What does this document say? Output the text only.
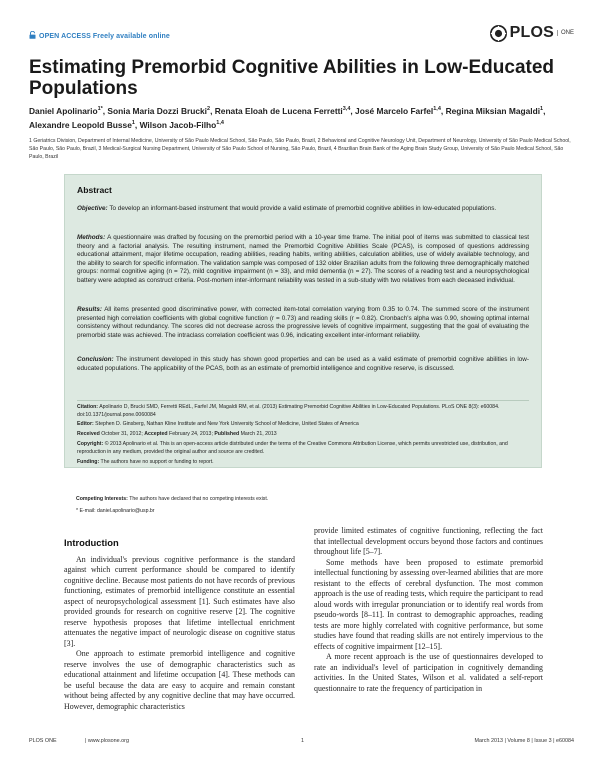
OPEN ACCESS Freely available online	PLOS	ONE
Estimating Premorbid Cognitive Abilities in Low-Educated Populations
Daniel Apolinario$^{1*}$, Sonia Maria Dozzi Brucki$^2$, Renata Eloah de Lucena Ferretti$^{3,4}$, José Marcelo Farfel$^{1,4}$, Regina Miksian Magaldi$^1$, Alexandre Leopold Busse$^1$, Wilson Jacob-Filho$^{1,4}$
1 Geriatrics Division, Department of Internal Medicine, University of São Paulo Medical School, São Paulo, São Paulo, Brazil, 2 Behavioral and Cognitive Neurology Unit, Department of Neurology, University of São Paulo Medical School, São Paulo, São Paulo, Brazil, 3 Medical-Surgical Nursing Department, University of São Paulo School of Nursing, São Paulo, Brazil, 4 Brazilian Brain Bank of the Aging Brain Study Group, University of São Paulo Medical School, São Paulo, Brazil
Abstract
Objective: To develop an informant-based instrument that would provide a valid estimate of premorbid cognitive abilities in low-educated populations.
Methods: A questionnaire was drafted by focusing on the premorbid period with a 10-year time frame. The initial pool of items was submitted to classical test theory and a factorial analysis. The resulting instrument, named the Premorbid Cognitive Abilities Scale (PCAS), is composed of questions addressing educational attainment, major lifetime occupation, reading abilities, reading habits, writing abilities, calculation abilities, use of widely available technology, and the ability to search for specific information. The validation sample was composed of 132 older Brazilian adults from the following three demographically matched groups: normal cognitive aging (n = 72), mild cognitive impairment (n = 33), and mild dementia (n = 27). The scores of a reading test and a neuropsychological battery were adopted as construct criteria. Post-mortem inter-informant reliability was tested in a sub-study with two relatives from each deceased individual.
Results: All items presented good discriminative power, with corrected item-total correlation varying from 0.35 to 0.74. The summed score of the instrument presented high correlation coefficients with global cognitive function (r = 0.73) and reading skills (r = 0.82). Cronbach's alpha was 0.90, showing optimal internal consistency without redundancy. The scores did not decrease across the progressive levels of cognitive impairment, suggesting that the goal of evaluating the premorbid state was achieved. The intraclass correlation coefficient was 0.96, indicating excellent inter-informant reliability.
Conclusion: The instrument developed in this study has shown good properties and can be used as a valid estimate of premorbid cognitive abilities in low-educated populations. The applicability of the PCAS, both as an estimate of premorbid intelligence and cognitive reserve, is discussed.
Citation: Apolinario D, Brucki SMD, Ferretti REdL, Farfel JM, Magaldi RM, et al. (2013) Estimating Premorbid Cognitive Abilities in Low-Educated Populations. PLoS ONE 8(3): e60084. doi:10.1371/journal.pone.0060084
Editor: Stephen D. Ginsberg, Nathan Kline Institute and New York University School of Medicine, United States of America
Received October 31, 2012; Accepted February 24, 2013; Published March 21, 2013
Copyright: © 2013 Apolinario et al. This is an open-access article distributed under the terms of the Creative Commons Attribution License, which permits unrestricted use, distribution, and reproduction in any medium, provided the original author and source are credited.
Funding: The authors have no support or funding to report.
Competing Interests: The authors have declared that no competing interests exist.
* E-mail: daniel.apolinario@usp.br
Introduction

An individual's previous cognitive performance is the standard against which current performance should be compared to identify cognitive decline. Because most patients do not have records of previous functioning, estimates of premorbid intelligence constitute an essential aspect of neuropsychological assessment [1]. Such estimates have also provided grounds for research on cognitive reserve [2]. The cognitive reserve hypothesis proposes that lifetime intellectual enrichment attenuates the negative impact of neurologic disease on cognitive status [3].

One approach to estimate premorbid intelligence and cognitive reserve involves the use of demographic characteristics such as educational attainment and lifetime occupation [4]. These methods can be useful because the data are easy to acquire and remain constant without being affected by any cognitive decline that may have occurred. However, demographic characteristics

provide limited estimates of cognitive functioning, reflecting the fact that intellectual development occurs beyond those factors and continues throughout life [5–7].

Some methods have been proposed to estimate premorbid intellectual functioning by assessing over-learned abilities that are more resistant to the effects of cerebral dysfunction. The most common approach is the use of reading tests, which require the participant to read aloud words with irregular pronunciation or to identify real words from pseudo-words [8–11]. In contrast to demographic approaches, reading tests are more highly correlated with cognitive performance, but some studies have found that reading skills are not entirely impervious to the effects of cognitive impairment [12–15].

A more recent approach is the use of questionnaires developed to rate an individual's level of participation in cognitively demanding activities. In the United States, Wilson et al. validated a self-report questionnaire to rate the frequency of participation in

PLOS ONE	| www.plosone.org	1	March 2013 | Volume 8 | Issue 3 | e60084
